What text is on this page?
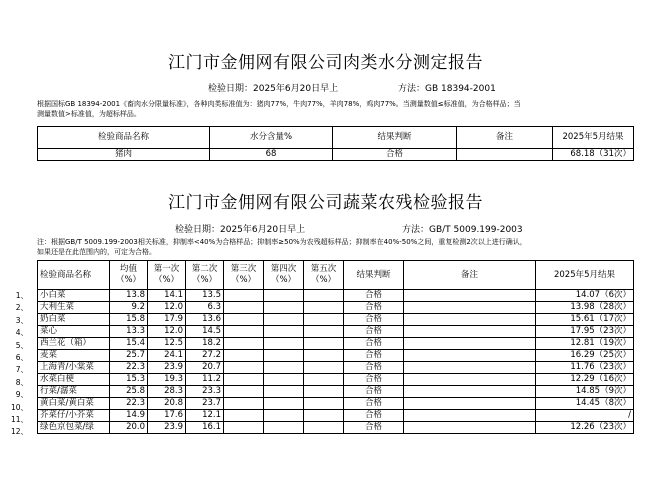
江门市金佣网有限公司肉类水分测定报告
检验日期：2025年6月20日早上	方法：GB 18394-2001
根据国标GB 18394-2001《畜肉水分限量标准》，各种肉类标准值为：猪肉77%，牛肉77%，羊肉78%，鸡肉77%。当测量数值≤标准值，为合格样品；当
测量数值>标准值，为超标样品。
检验商品名称	水分含量%	结果判断	备注	2025年5月结果
猪肉	68	合格		68.18（31次）
江门市金佣网有限公司蔬菜农残检验报告
检验日期：2025年6月20日早上	方法：GB/T 5009.199-2003
注：根据GB/T 5009.199-2003相关标准，抑制率<40%为合格样品；抑制率≥50%为农残超标样品；抑制率在40%-50%之间，重复检测2次以上进行确认，
如果还是在此范围内的，可定为合格。
1、
2、
3、
4、
5、
6、
7、
8、
9、
10、
11、
12、
检验商品名称	均值（%）	第一次（%）	第二次（%）	第三次（%）	第四次（%）	第五次（%）	结果判断	备注	2025年5月结果
小白菜	13.8	14.1	13.5				合格		14.07（6次）
大利生菜	9.2	12.0	6.3				合格		13.98（28次）
奶白菜	15.8	17.9	13.6				合格		15.61（17次）
菜心	13.3	12.0	14.5				合格		17.95（23次）
西兰花（箱）	15.4	12.5	18.2				合格		12.81（19次）
麦菜	25.7	24.1	27.2				合格		16.29（25次）
上海青/小棠菜	22.3	23.9	20.7				合格		11.76（23次）
水菜白梗	15.3	19.3	11.2				合格		12.29（16次）
行菜/潺菜	25.8	28.3	23.3				合格		14.85（9次）
黄白菜/黄白菜	22.3	20.8	23.7				合格		14.45（8次）
芥菜仔/小芥菜	14.9	17.6	12.1				合格		/
绿色京包菜/绿	20.0	23.9	16.1				合格		12.26（23次）
